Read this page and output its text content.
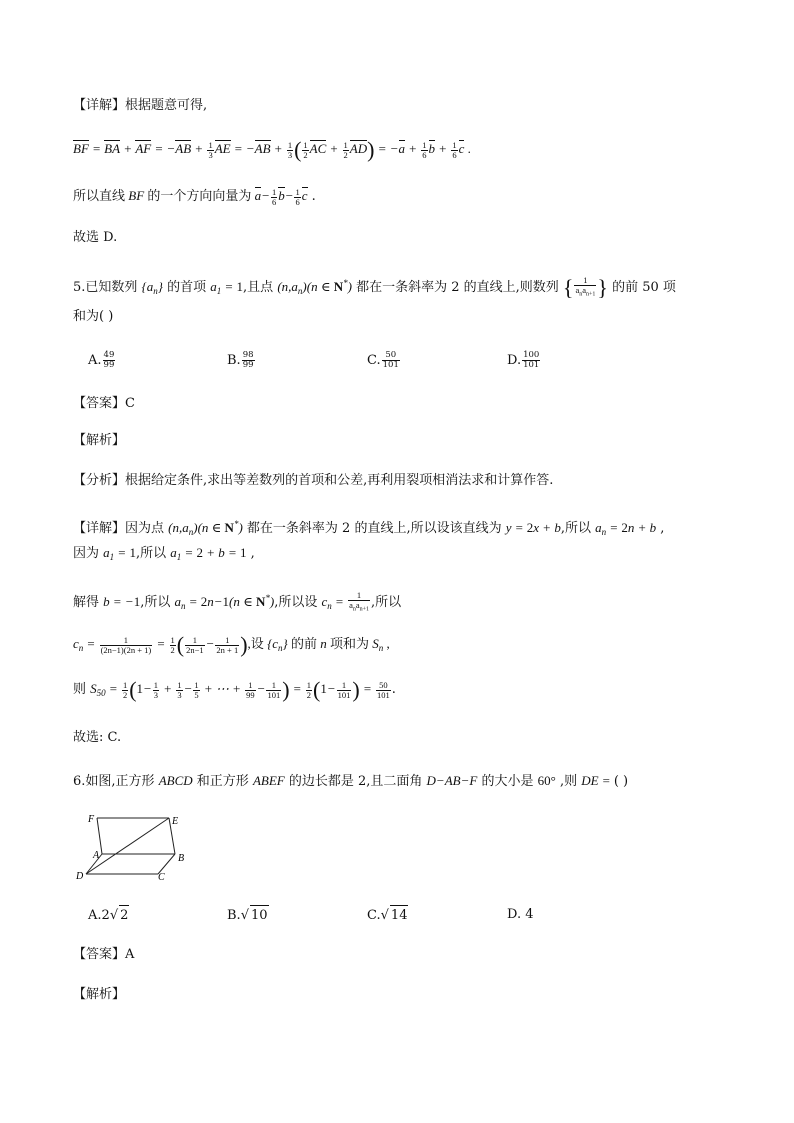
【详解】根据题意可得,
BF = BA + AF = $-AB + \frac{1}{3}$ AE = $-AB + \frac{1}{3}$ ( $\frac{1}{2}$ AC + $\frac{1}{2} AD) = -a + \frac{1}{6}$ $b + \frac{1}{6}$ c .
所以直线 BF 的一个方向向量为 $a- \frac{1}{6} b- \frac{1}{6}$ c .
故选 D.
5.已知数列 $\{a_n\}$ 的首项 $a_1 = 1$,且点 $(n,a_n)(n$ ∈ N*) 都在一条斜率为 2 的直线上,则数列 { $\frac{1}{a_na_{n+1}}$ } 的前 50 项
和为( )
A. $\frac{49}{99}$	B. $\frac{98}{99}$	C. $\frac{50}{101}$	D. $\frac{100}{101}$
【答案】C
【解析】
【分析】根据给定条件,求出等差数列的首项和公差,再利用裂项相消法求和计算作答.
【详解】因为点 $(n,a_n)(n$ ∈ N*) 都在一条斜率为 2 的直线上,所以设该直线为 y = 2x + b,所以 $a_n = 2n + b$ ,
因为 $a_1 = 1$,所以 $a_1 = 2 + b = 1$ ,
解得 b = −1,所以 $a_n = 2n-1(n$ ∈ N*),所以设 $c_n = \frac{1}{a_na_{n+1}}$ ,所以
$c_n = \frac{1}{(2n-1)(2n + 1)} = \frac{1}{2}$ ( $\frac{1}{2n-1} - \frac{1}{2n + 1}$ ),设 $\{c_n\}$ 的前 n 项和为 $S_n$ ,
则 $S_{50} = \frac{1}{2} (1- \frac{1}{3} + \frac{1}{3} - \frac{1}{5}$ + ⋯ + $\frac{1}{99} - \frac{1}{101}$ ) = $\frac{1}{2} (1- \frac{1}{101}$ ) = $\frac{50}{101}$ .
故选: C.
6.如图,正方形 ABCD 和正方形 ABEF 的边长都是 2,且二面角 D−AB−F 的大小是 60° ,则 DE = ( )
F	E
A	B
D	C
A.2√ 2	B.√ 10	C.√ 14	D. 4
【答案】A
【解析】
